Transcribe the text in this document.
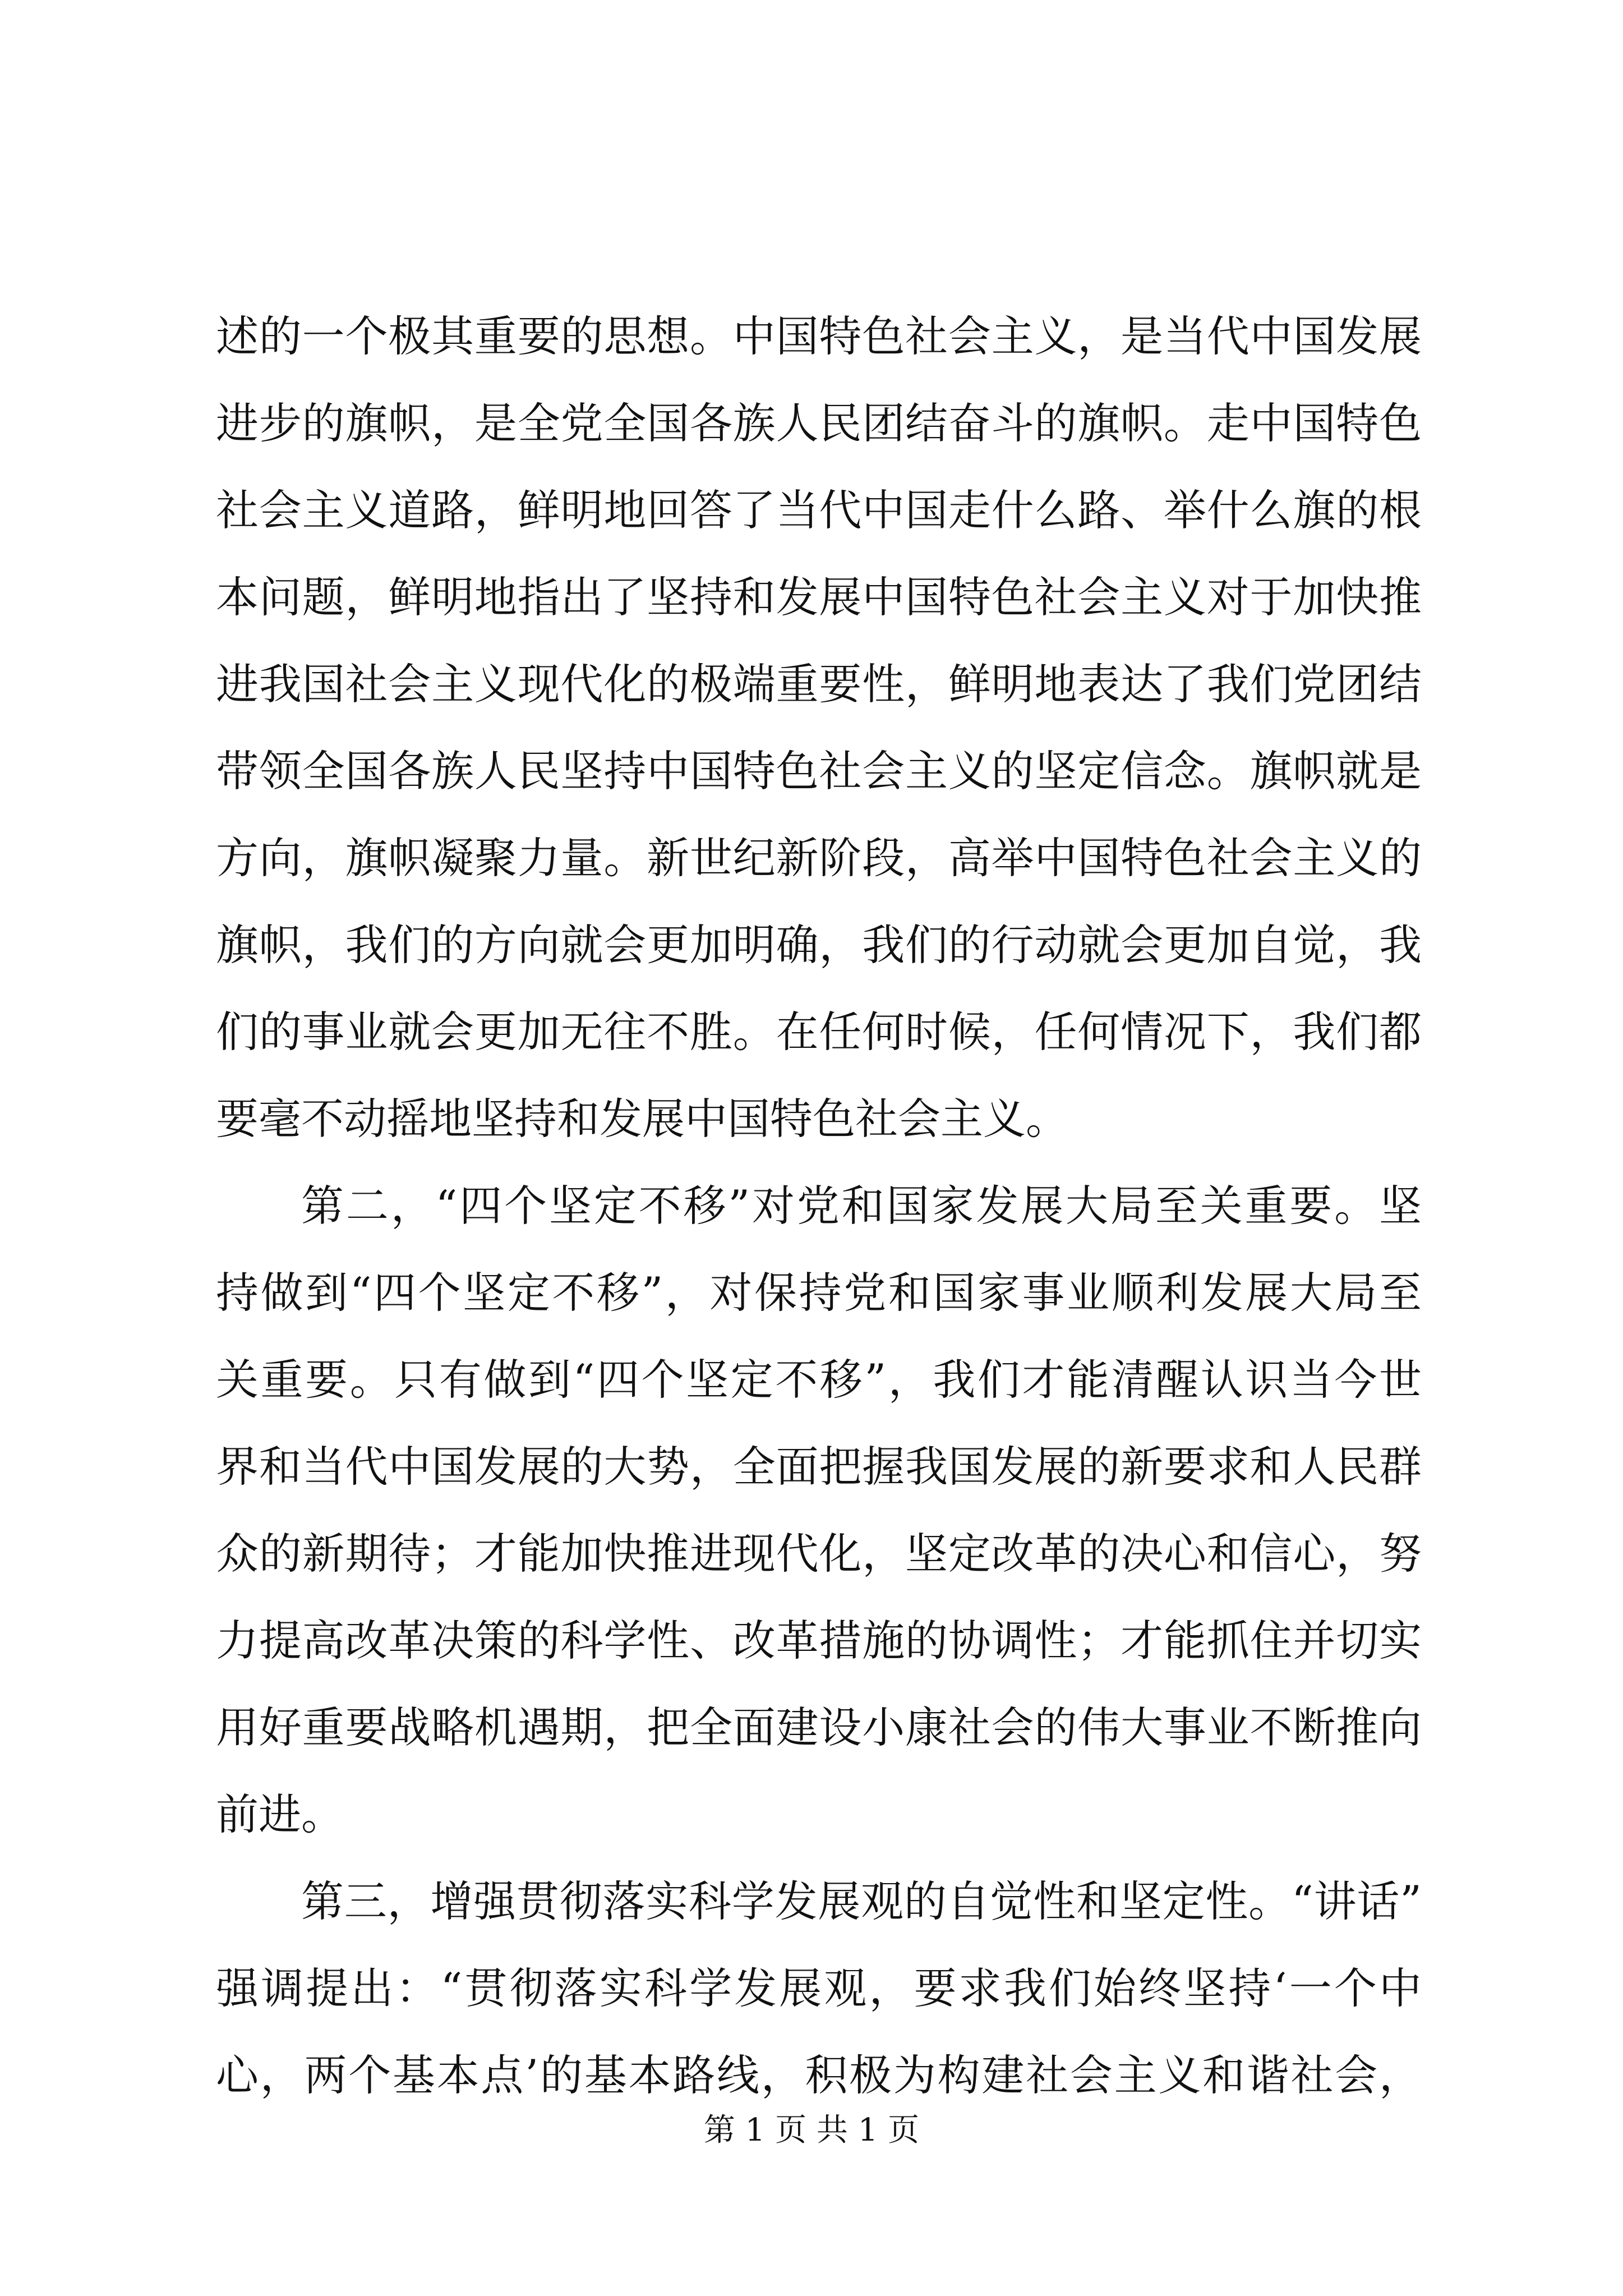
述的一个极其重要的思想。中国特色社会主义，是当代中国发展

进步的旗帜，是全党全国各族人民团结奋斗的旗帜。走中国特色

社会主义道路，鲜明地回答了当代中国走什么路、举什么旗的根

本问题，鲜明地指出了坚持和发展中国特色社会主义对于加快推

进我国社会主义现代化的极端重要性，鲜明地表达了我们党团结

带领全国各族人民坚持中国特色社会主义的坚定信念。旗帜就是

方向，旗帜凝聚力量。新世纪新阶段，高举中国特色社会主义的

旗帜，我们的方向就会更加明确，我们的行动就会更加自觉，我

们的事业就会更加无往不胜。在任何时候，任何情况下，我们都

要毫不动摇地坚持和发展中国特色社会主义。

第二，“四个坚定不移”对党和国家发展大局至关重要。坚

持做到“四个坚定不移”，对保持党和国家事业顺利发展大局至

关重要。只有做到“四个坚定不移”，我们才能清醒认识当今世

界和当代中国发展的大势，全面把握我国发展的新要求和人民群

众的新期待；才能加快推进现代化，坚定改革的决心和信心，努

力提高改革决策的科学性、改革措施的协调性；才能抓住并切实

用好重要战略机遇期，把全面建设小康社会的伟大事业不断推向

前进。

第三，增强贯彻落实科学发展观的自觉性和坚定性。“讲话”

强调提出：“贯彻落实科学发展观，要求我们始终坚持‘一个中

心，两个基本点’的基本路线，积极为构建社会主义和谐社会，

第 1 页 共 1 页
